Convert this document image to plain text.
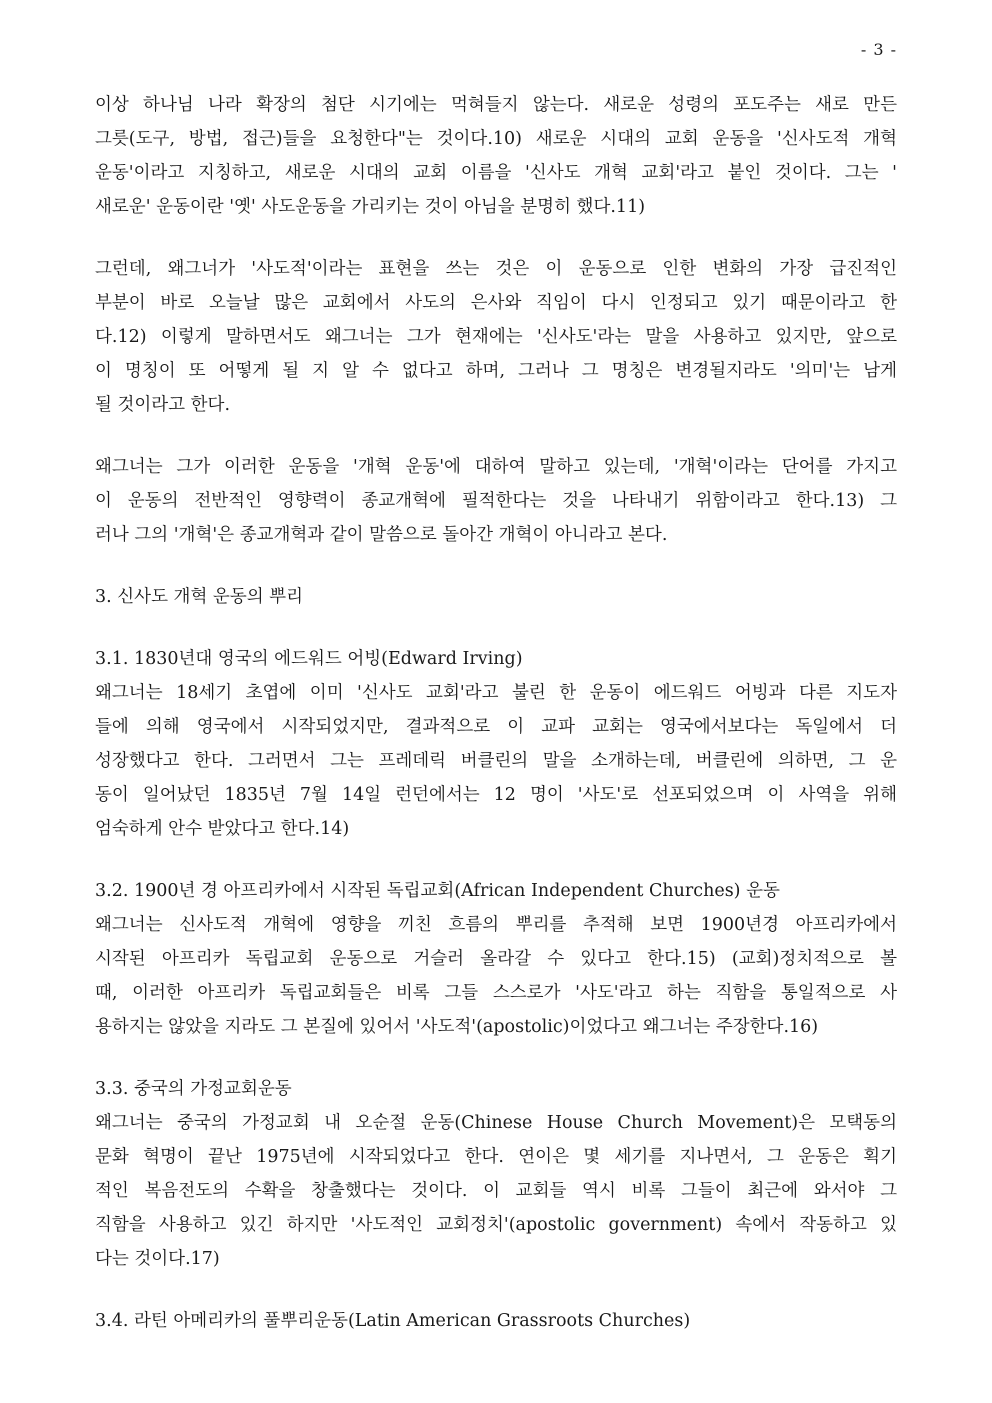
- 3 -
이상 하나님 나라 확장의 첨단 시기에는 먹혀들지 않는다. 새로운 성령의 포도주는 새로 만든
그릇(도구, 방법, 접근)들을 요청한다"는 것이다.10) 새로운 시대의 교회 운동을 '신사도적 개혁
운동'이라고 지칭하고, 새로운 시대의 교회 이름을 '신사도 개혁 교회'라고 붙인 것이다. 그는 '
새로운' 운동이란 '옛' 사도운동을 가리키는 것이 아님을 분명히 했다.11)
그런데, 왜그너가 '사도적'이라는 표현을 쓰는 것은 이 운동으로 인한 변화의 가장 급진적인
부분이 바로 오늘날 많은 교회에서 사도의 은사와 직임이 다시 인정되고 있기 때문이라고 한
다.12) 이렇게 말하면서도 왜그너는 그가 현재에는 '신사도'라는 말을 사용하고 있지만, 앞으로
이 명칭이 또 어떻게 될 지 알 수 없다고 하며, 그러나 그 명칭은 변경될지라도 '의미'는 남게
될 것이라고 한다.
왜그너는 그가 이러한 운동을 '개혁 운동'에 대하여 말하고 있는데, '개혁'이라는 단어를 가지고
이 운동의 전반적인 영향력이 종교개혁에 필적한다는 것을 나타내기 위함이라고 한다.13) 그
러나 그의 '개혁'은 종교개혁과 같이 말씀으로 돌아간 개혁이 아니라고 본다.
3. 신사도 개혁 운동의 뿌리
3.1. 1830년대 영국의 에드워드 어빙(Edward Irving)
왜그너는 18세기 초엽에 이미 '신사도 교회'라고 불린 한 운동이 에드워드 어빙과 다른 지도자
들에 의해 영국에서 시작되었지만, 결과적으로 이 교파 교회는 영국에서보다는 독일에서 더
성장했다고 한다. 그러면서 그는 프레데릭 버클린의 말을 소개하는데, 버클린에 의하면, 그 운
동이 일어났던 1835년 7월 14일 런던에서는 12 명이 '사도'로 선포되었으며 이 사역을 위해
엄숙하게 안수 받았다고 한다.14)
3.2. 1900년 경 아프리카에서 시작된 독립교회(African Independent Churches) 운동
왜그너는 신사도적 개혁에 영향을 끼친 흐름의 뿌리를 추적해 보면 1900년경 아프리카에서
시작된 아프리카 독립교회 운동으로 거슬러 올라갈 수 있다고 한다.15) (교회)정치적으로 볼
때, 이러한 아프리카 독립교회들은 비록 그들 스스로가 '사도'라고 하는 직함을 통일적으로 사
용하지는 않았을 지라도 그 본질에 있어서 '사도적'(apostolic)이었다고 왜그너는 주장한다.16)
3.3. 중국의 가정교회운동
왜그너는 중국의 가정교회 내 오순절 운동(Chinese House Church Movement)은 모택동의
문화 혁명이 끝난 1975년에 시작되었다고 한다. 연이은 몇 세기를 지나면서, 그 운동은 획기
적인 복음전도의 수확을 창출했다는 것이다. 이 교회들 역시 비록 그들이 최근에 와서야 그
직함을 사용하고 있긴 하지만 '사도적인 교회정치'(apostolic government) 속에서 작동하고 있
다는 것이다.17)
3.4. 라틴 아메리카의 풀뿌리운동(Latin American Grassroots Churches)
